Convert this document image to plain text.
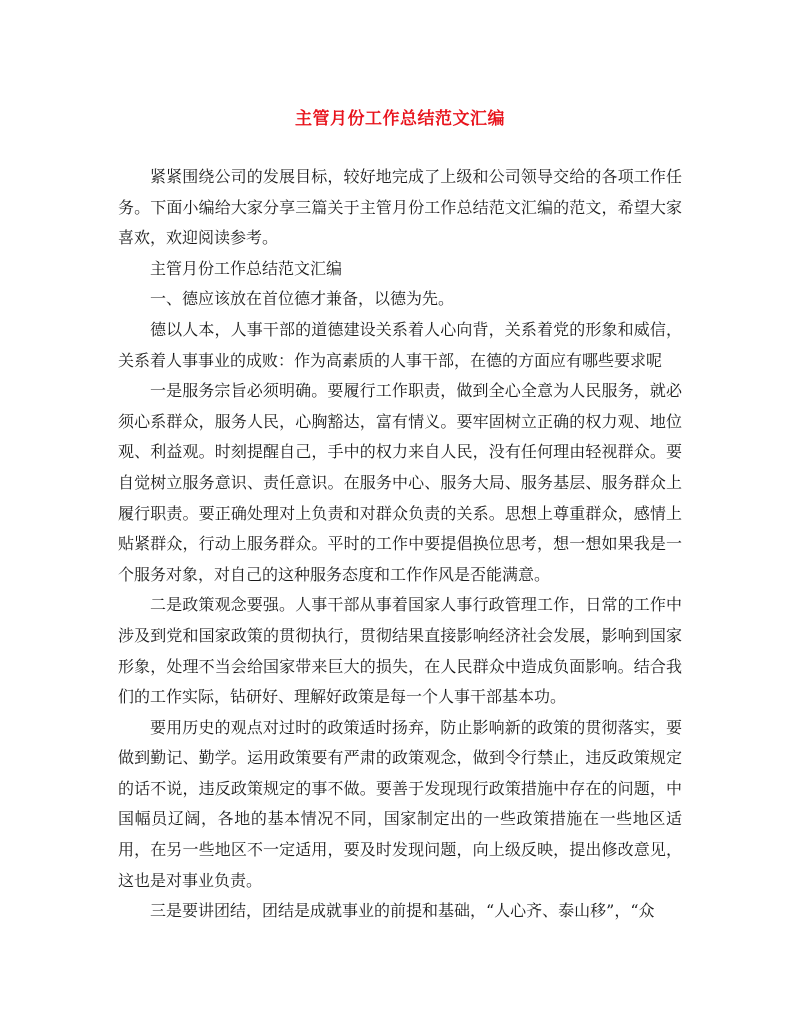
主管月份工作总结范文汇编

紧紧围绕公司的发展目标，较好地完成了上级和公司领导交给的各项工作任务。下面小编给大家分享三篇关于主管月份工作总结范文汇编的范文，希望大家喜欢，欢迎阅读参考。

主管月份工作总结范文汇编

一、德应该放在首位德才兼备，以德为先。

德以人本，人事干部的道德建设关系着人心向背，关系着党的形象和威信，关系着人事事业的成败：作为高素质的人事干部，在德的方面应有哪些要求呢

一是服务宗旨必须明确。要履行工作职责，做到全心全意为人民服务，就必须心系群众，服务人民，心胸豁达，富有情义。要牢固树立正确的权力观、地位观、利益观。时刻提醒自己，手中的权力来自人民，没有任何理由轻视群众。要自觉树立服务意识、责任意识。在服务中心、服务大局、服务基层、服务群众上履行职责。要正确处理对上负责和对群众负责的关系。思想上尊重群众，感情上贴紧群众，行动上服务群众。平时的工作中要提倡换位思考，想一想如果我是一个服务对象，对自己的这种服务态度和工作作风是否能满意。

二是政策观念要强。人事干部从事着国家人事行政管理工作，日常的工作中涉及到党和国家政策的贯彻执行，贯彻结果直接影响经济社会发展，影响到国家形象，处理不当会给国家带来巨大的损失，在人民群众中造成负面影响。结合我们的工作实际，钻研好、理解好政策是每一个人事干部基本功。

要用历史的观点对过时的政策适时扬弃，防止影响新的政策的贯彻落实，要做到勤记、勤学。运用政策要有严肃的政策观念，做到令行禁止，违反政策规定的话不说，违反政策规定的事不做。要善于发现现行政策措施中存在的问题，中国幅员辽阔，各地的基本情况不同，国家制定出的一些政策措施在一些地区适用，在另一些地区不一定适用，要及时发现问题，向上级反映，提出修改意见，这也是对事业负责。

三是要讲团结，团结是成就事业的前提和基础，“人心齐、泰山移”，“众
